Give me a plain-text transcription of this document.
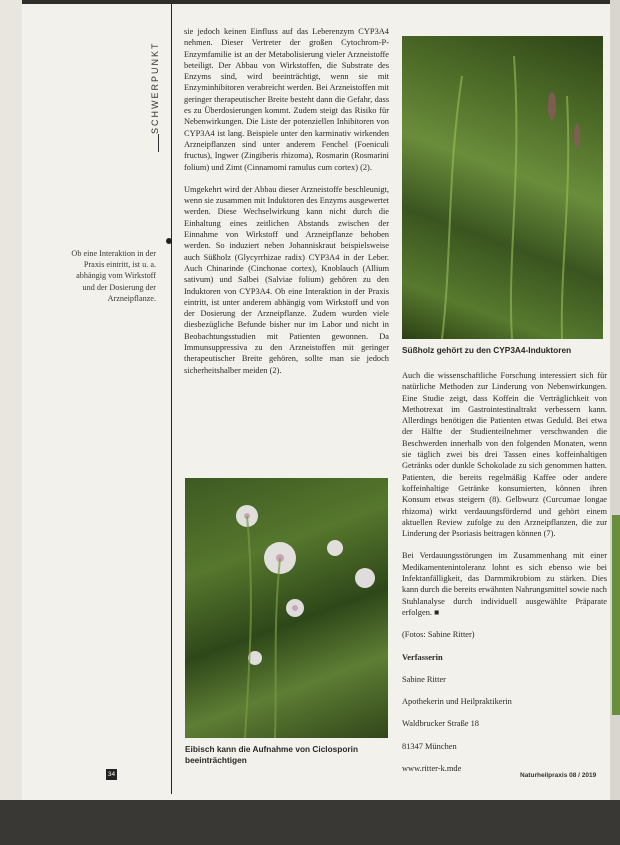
SCHWERPUNKT
Ob eine Interaktion in der Praxis eintritt, ist u. a. abhängig vom Wirkstoff und der Dosierung der Arzneipflanze.

sie jedoch keinen Einfluss auf das Leberenzym CYP3A4 nehmen. Dieser Vertreter der großen Cytochrom-P-Enzymfamilie ist an der Metabolisierung vieler Arzneistoffe beteiligt. Der Abbau von Wirkstoffen, die Substrate des Enzyms sind, wird beeinträchtigt, wenn sie mit Enzyminhibitoren verabreicht werden. Bei Arzneistoffen mit geringer therapeutischer Breite besteht dann die Gefahr, dass es zu Überdosierungen kommt. Zudem steigt das Risiko für Nebenwirkungen. Die Liste der potenziellen Inhibitoren von CYP3A4 ist lang. Beispiele unter den karminativ wirkenden Arzneipflanzen sind unter anderem Fenchel (Foeniculi fructus), Ingwer (Zingiberis rhizoma), Rosmarin (Rosmarini folium) und Zimt (Cinnamomi ramulus cum cortex) (2).

Umgekehrt wird der Abbau dieser Arzneistoffe beschleunigt, wenn sie zusammen mit Induktoren des Enzyms ausgewertet werden. Diese Wechselwirkung kann nicht durch die Einhaltung eines zeitlichen Abstands zwischen der Einnahme von Wirkstoff und Arzneipflanze behoben werden. So induziert neben Johanniskraut beispielsweise auch Süßholz (Glycyrrhizae radix) CYP3A4 in der Leber. Auch Chinarinde (Cinchonae cortex), Knoblauch (Allium sativum) und Salbei (Salviae folium) gehören zu den Induktoren von CYP3A4. Ob eine Interaktion in der Praxis eintritt, ist unter anderem abhängig vom Wirkstoff und von der Dosierung der Arzneipflanze. Zudem wurden viele diesbezügliche Befunde bisher nur im Labor und nicht in Beobachtungsstudien mit Patienten gewonnen. Da Immunsuppressiva zu den Arzneistoffen mit geringer therapeutischer Breite gehören, sollte man sie jedoch sicherheitshalber meiden (2).

Eibisch kann die Aufnahme von Ciclosporin beeinträchtigen
Süßholz gehört zu den CYP3A4-Induktoren

Auch die wissenschaftliche Forschung interessiert sich für natürliche Methoden zur Linderung von Nebenwirkungen. Eine Studie zeigt, dass Koffein die Verträglichkeit von Methotrexat im Gastrointestinaltrakt verbessern kann. Allerdings benötigen die Patienten etwas Geduld. Bei etwa der Hälfte der Studienteilnehmer verschwanden die Beschwerden innerhalb von den folgenden Monaten, wenn sie täglich zwei bis drei Tassen eines koffeinhaltigen Getränks oder dunkle Schokolade zu sich genommen hatten. Patienten, die bereits regelmäßig Kaffee oder andere koffeinhaltige Getränke konsumierten, können ihren Konsum etwas steigern (8). Gelbwurz (Curcumae longae rhizoma) wirkt verdauungsfördernd und gehört einem aktuellen Review zufolge zu den Arzneipflanzen, die zur Linderung der Psoriasis beitragen können (7).

Bei Verdauungsstörungen im Zusammenhang mit einer Medikamentenintoleranz lohnt es sich ebenso wie bei Infektanfälligkeit, das Darmmikrobiom zu stärken. Dies kann durch die bereits erwähnten Nahrungsmittel sowie nach Stuhlanalyse durch individuell ausgewählte Präparate erfolgen. ■

(Fotos: Sabine Ritter)

Verfasserin

Sabine Ritter

Apothekerin und Heilpraktikerin

Waldbrucker Straße 18

81347 München

www.ritter-k.mde

34	Naturheilpraxis 08 / 2019
